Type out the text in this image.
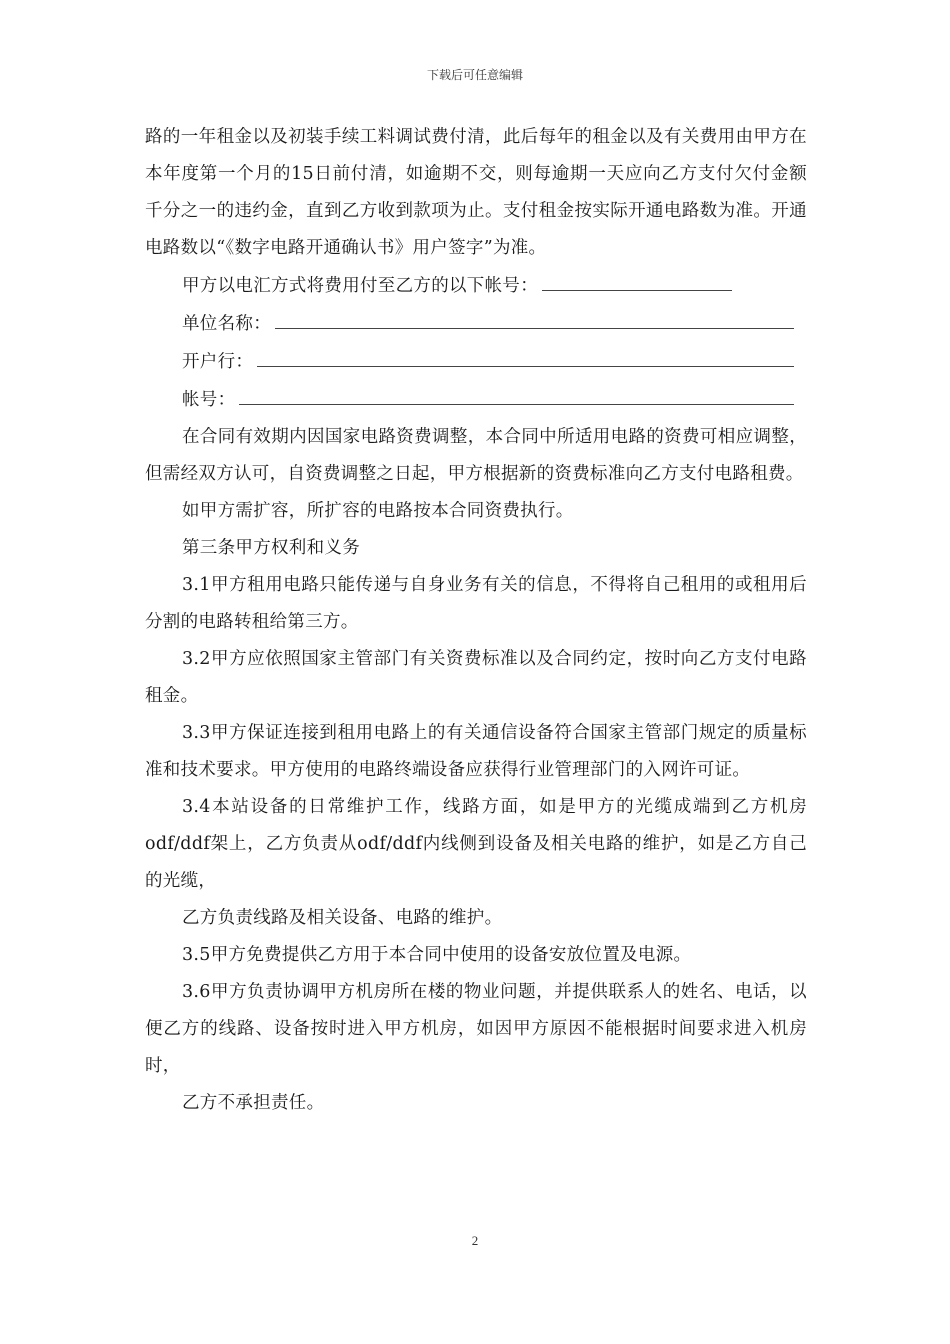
下载后可任意编辑

路的一年租金以及初装手续工料调试费付清，此后每年的租金以及有关费用由甲方在本年度第一个月的15日前付清，如逾期不交，则每逾期一天应向乙方支付欠付金额千分之一的违约金，直到乙方收到款项为止。支付租金按实际开通电路数为准。开通电路数以“《数字电路开通确认书》用户签字”为准。

甲方以电汇方式将费用付至乙方的以下帐号：

单位名称：

开户行：

帐号：

在合同有效期内因国家电路资费调整，本合同中所适用电路的资费可相应调整，但需经双方认可，自资费调整之日起，甲方根据新的资费标准向乙方支付电路租费。

如甲方需扩容，所扩容的电路按本合同资费执行。

第三条甲方权利和义务

3.1甲方租用电路只能传递与自身业务有关的信息，不得将自己租用的或租用后分割的电路转租给第三方。

3.2甲方应依照国家主管部门有关资费标准以及合同约定，按时向乙方支付电路租金。

3.3甲方保证连接到租用电路上的有关通信设备符合国家主管部门规定的质量标准和技术要求。甲方使用的电路终端设备应获得行业管理部门的入网许可证。

3.4本站设备的日常维护工作，线路方面，如是甲方的光缆成端到乙方机房odf/ddf架上，乙方负责从odf/ddf内线侧到设备及相关电路的维护，如是乙方自己的光缆，

乙方负责线路及相关设备、电路的维护。

3.5甲方免费提供乙方用于本合同中使用的设备安放位置及电源。

3.6甲方负责协调甲方机房所在楼的物业问题，并提供联系人的姓名、电话，以便乙方的线路、设备按时进入甲方机房，如因甲方原因不能根据时间要求进入机房时，

乙方不承担责任。

2
